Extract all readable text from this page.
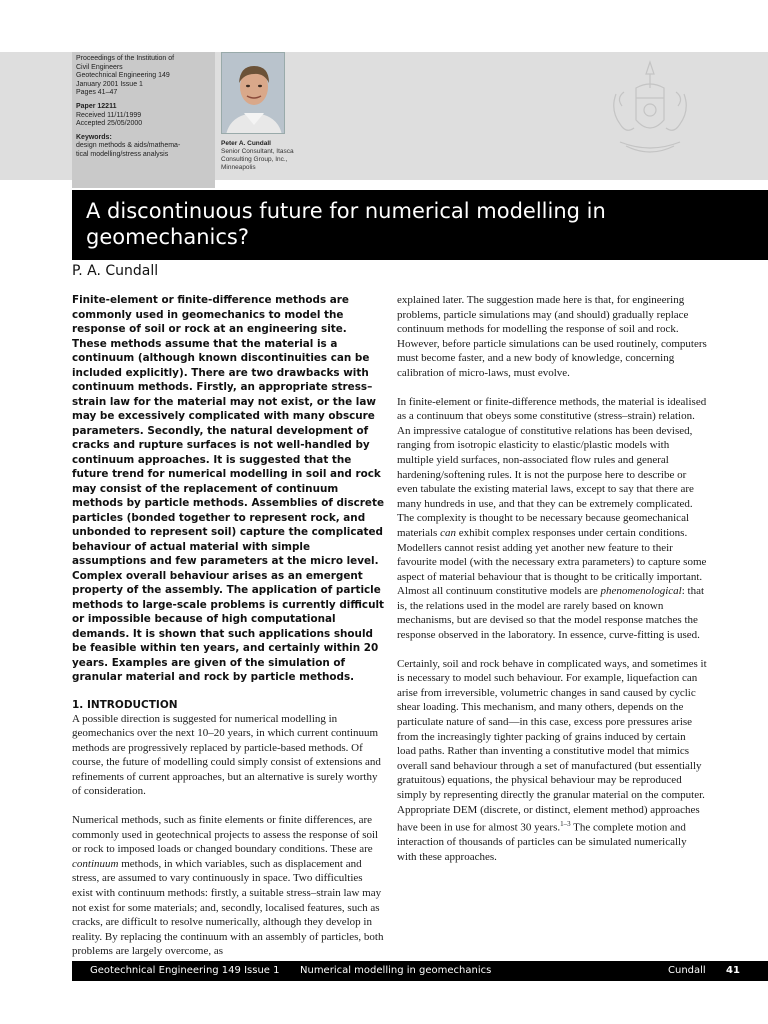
Proceedings of the Institution of
Civil Engineers
Geotechnical Engineering 149
January 2001 Issue 1
Pages 41–47
Paper 12211
Received 11/11/1999
Accepted 25/05/2000
Keywords:
design methods & aids/mathema-
tical modelling/stress analysis
Peter A. Cundall
Senior Consultant, Itasca
Consulting Group, Inc.,
Minneapolis
A discontinuous future for numerical modelling in geomechanics?
P. A. Cundall
Finite-element or finite-difference methods are commonly used in geomechanics to model the response of soil or rock at an engineering site. These methods assume that the material is a continuum (although known discontinuities can be included explicitly). There are two drawbacks with continuum methods. Firstly, an appropriate stress–strain law for the material may not exist, or the law may be excessively complicated with many obscure parameters. Secondly, the natural development of cracks and rupture surfaces is not well-handled by continuum approaches. It is suggested that the future trend for numerical modelling in soil and rock may consist of the replacement of continuum methods by particle methods. Assemblies of discrete particles (bonded together to represent rock, and unbonded to represent soil) capture the complicated behaviour of actual material with simple assumptions and few parameters at the micro level. Complex overall behaviour arises as an emergent property of the assembly. The application of particle methods to large-scale problems is currently difficult or impossible because of high computational demands. It is shown that such applications should be feasible within ten years, and certainly within 20 years. Examples are given of the simulation of granular material and rock by particle methods.
1. INTRODUCTION

A possible direction is suggested for numerical modelling in geomechanics over the next 10–20 years, in which current continuum methods are progressively replaced by particle-based methods. Of course, the future of modelling could simply consist of extensions and refinements of current approaches, but an alternative is surely worthy of consideration.

Numerical methods, such as finite elements or finite differences, are commonly used in geotechnical projects to assess the response of soil or rock to imposed loads or changed boundary conditions. These are continuum methods, in which variables, such as displacement and stress, are assumed to vary continuously in space. Two difficulties exist with continuum methods: firstly, a suitable stress–strain law may not exist for some materials; and, secondly, localised features, such as cracks, are difficult to resolve numerically, although they develop in reality. By replacing the continuum with an assembly of particles, both problems are largely overcome, as

explained later. The suggestion made here is that, for engineering problems, particle simulations may (and should) gradually replace continuum methods for modelling the response of soil and rock. However, before particle simulations can be used routinely, computers must become faster, and a new body of knowledge, concerning calibration of micro-laws, must evolve.

In finite-element or finite-difference methods, the material is idealised as a continuum that obeys some constitutive (stress–strain) relation. An impressive catalogue of constitutive relations has been devised, ranging from isotropic elasticity to elastic/plastic models with multiple yield surfaces, non-associated flow rules and general hardening/softening rules. It is not the purpose here to describe or even tabulate the existing material laws, except to say that there are many hundreds in use, and that they can be extremely complicated. The complexity is thought to be necessary because geomechanical materials can exhibit complex responses under certain conditions. Modellers cannot resist adding yet another new feature to their favourite model (with the necessary extra parameters) to capture some aspect of material behaviour that is thought to be critically important. Almost all continuum constitutive models are phenomenological: that is, the relations used in the model are rarely based on known mechanisms, but are devised so that the model response matches the response observed in the laboratory. In essence, curve-fitting is used.

Certainly, soil and rock behave in complicated ways, and sometimes it is necessary to model such behaviour. For example, liquefaction can arise from irreversible, volumetric changes in sand caused by cyclic shear loading. This mechanism, and many others, depends on the particulate nature of sand—in this case, excess pore pressures arise from the increasingly tighter packing of grains induced by certain load paths. Rather than inventing a constitutive model that mimics overall sand behaviour through a set of manufactured (but essentially gratuitous) equations, the physical behaviour may be reproduced simply by representing directly the granular material on the computer. Appropriate DEM (discrete, or distinct, element method) approaches have been in use for almost 30 years.$^{1-3}$ The complete motion and interaction of thousands of particles can be simulated numerically with these approaches.

Geotechnical Engineering 149 Issue 1 Numerical modelling in geomechanics	Cundall 41
